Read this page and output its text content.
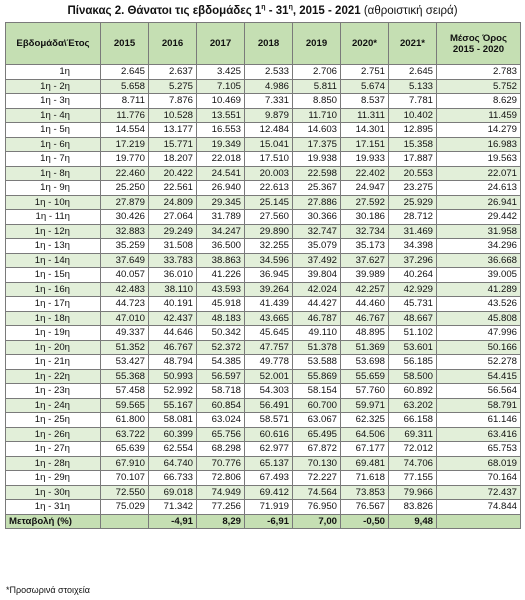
Πίνακας 2. Θάνατοι τις εβδομάδες $1^\eta - 31^\eta$, 2015 - 2021 (αθροιστική σειρά)
Εβδομάδα\Έτος	2015	2016	2017	2018	2019	2020*	2021*	Μέσος Όρος 2015 - 2020
1η	2.645	2.637	3.425	2.533	2.706	2.751	2.645	2.783
1η - 2η	5.658	5.275	7.105	4.986	5.811	5.674	5.133	5.752
1η - 3η	8.711	7.876	10.469	7.331	8.850	8.537	7.781	8.629
1η - 4η	11.776	10.528	13.551	9.879	11.710	11.311	10.402	11.459
1η - 5η	14.554	13.177	16.553	12.484	14.603	14.301	12.895	14.279
1η - 6η	17.219	15.771	19.349	15.041	17.375	17.151	15.358	16.983
1η - 7η	19.770	18.207	22.018	17.510	19.938	19.933	17.887	19.563
1η - 8η	22.460	20.422	24.541	20.003	22.598	22.402	20.553	22.071
1η - 9η	25.250	22.561	26.940	22.613	25.367	24.947	23.275	24.613
1η - 10η	27.879	24.809	29.345	25.145	27.886	27.592	25.929	26.941
1η - 11η	30.426	27.064	31.789	27.560	30.366	30.186	28.712	29.442
1η - 12η	32.883	29.249	34.247	29.890	32.747	32.734	31.469	31.958
1η - 13η	35.259	31.508	36.500	32.255	35.079	35.173	34.398	34.296
1η - 14η	37.649	33.783	38.863	34.596	37.492	37.627	37.296	36.668
1η - 15η	40.057	36.010	41.226	36.945	39.804	39.989	40.264	39.005
1η - 16η	42.483	38.110	43.593	39.264	42.024	42.257	42.929	41.289
1η - 17η	44.723	40.191	45.918	41.439	44.427	44.460	45.731	43.526
1η - 18η	47.010	42.437	48.183	43.665	46.787	46.767	48.667	45.808
1η - 19η	49.337	44.646	50.342	45.645	49.110	48.895	51.102	47.996
1η - 20η	51.352	46.767	52.372	47.757	51.378	51.369	53.601	50.166
1η - 21η	53.427	48.794	54.385	49.778	53.588	53.698	56.185	52.278
1η - 22η	55.368	50.993	56.597	52.001	55.869	55.659	58.500	54.415
1η - 23η	57.458	52.992	58.718	54.303	58.154	57.760	60.892	56.564
1η - 24η	59.565	55.167	60.854	56.491	60.700	59.971	63.202	58.791
1η - 25η	61.800	58.081	63.024	58.571	63.067	62.325	66.158	61.146
1η - 26η	63.722	60.399	65.756	60.616	65.495	64.506	69.311	63.416
1η - 27η	65.639	62.554	68.298	62.977	67.872	67.177	72.012	65.753
1η - 28η	67.910	64.740	70.776	65.137	70.130	69.481	74.706	68.019
1η - 29η	70.107	66.733	72.806	67.493	72.227	71.618	77.155	70.164
1η - 30η	72.550	69.018	74.949	69.412	74.564	73.853	79.966	72.437
1η - 31η	75.029	71.342	77.256	71.919	76.950	76.567	83.826	74.844
Μεταβολή (%)		-4,91	8,29	-6,91	7,00	-0,50	9,48	
*Προσωρινά στοιχεία
